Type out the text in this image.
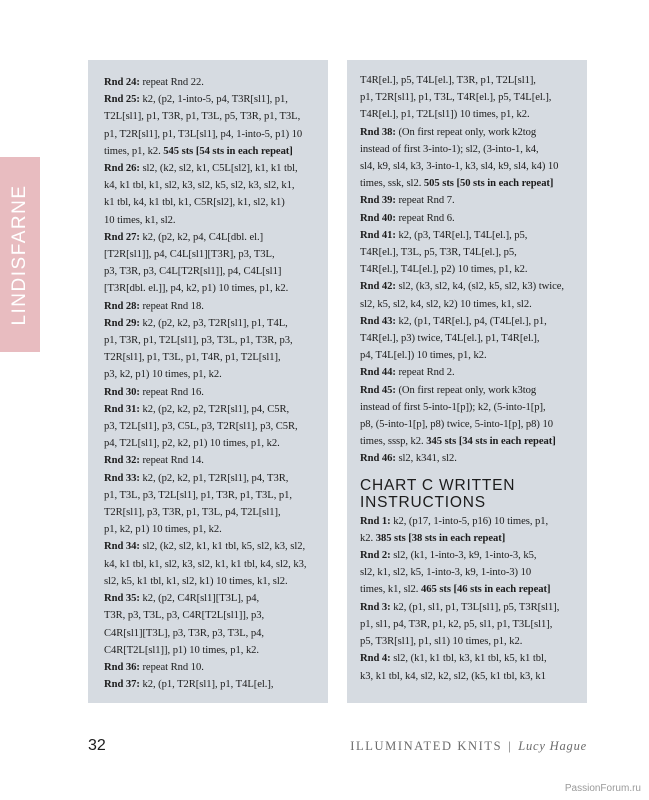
LINDISFARNE
Rnd 24: repeat Rnd 22.
Rnd 25: k2, (p2, 1-into-5, p4, T3R[sl1], p1,
T2L[sl1], p1, T3R, p1, T3L, p5, T3R, p1, T3L,
p1, T2R[sl1], p1, T3L[sl1], p4, 1-into-5, p1) 10
times, p1, k2. 545 sts [54 sts in each repeat]
Rnd 26: sl2, (k2, sl2, k1, C5L[sl2], k1, k1 tbl,
k4, k1 tbl, k1, sl2, k3, sl2, k5, sl2, k3, sl2, k1,
k1 tbl, k4, k1 tbl, k1, C5R[sl2], k1, sl2, k1)
10 times, k1, sl2.
Rnd 27: k2, (p2, k2, p4, C4L[dbl. el.]
[T2R[sl1]], p4, C4L[sl1][T3R], p3, T3L,
p3, T3R, p3, C4L[T2R[sl1]], p4, C4L[sl1]
[T3R[dbl. el.]], p4, k2, p1) 10 times, p1, k2.
Rnd 28: repeat Rnd 18.
Rnd 29: k2, (p2, k2, p3, T2R[sl1], p1, T4L,
p1, T3R, p1, T2L[sl1], p3, T3L, p1, T3R, p3,
T2R[sl1], p1, T3L, p1, T4R, p1, T2L[sl1],
p3, k2, p1) 10 times, p1, k2.
Rnd 30: repeat Rnd 16.
Rnd 31: k2, (p2, k2, p2, T2R[sl1], p4, C5R,
p3, T2L[sl1], p3, C5L, p3, T2R[sl1], p3, C5R,
p4, T2L[sl1], p2, k2, p1) 10 times, p1, k2.
Rnd 32: repeat Rnd 14.
Rnd 33: k2, (p2, k2, p1, T2R[sl1], p4, T3R,
p1, T3L, p3, T2L[sl1], p1, T3R, p1, T3L, p1,
T2R[sl1], p3, T3R, p1, T3L, p4, T2L[sl1],
p1, k2, p1) 10 times, p1, k2.
Rnd 34: sl2, (k2, sl2, k1, k1 tbl, k5, sl2, k3, sl2,
k4, k1 tbl, k1, sl2, k3, sl2, k1, k1 tbl, k4, sl2, k3,
sl2, k5, k1 tbl, k1, sl2, k1) 10 times, k1, sl2.
Rnd 35: k2, (p2, C4R[sl1][T3L], p4,
T3R, p3, T3L, p3, C4R[T2L[sl1]], p3,
C4R[sl1][T3L], p3, T3R, p3, T3L, p4,
C4R[T2L[sl1]], p1) 10 times, p1, k2.
Rnd 36: repeat Rnd 10.
Rnd 37: k2, (p1, T2R[sl1], p1, T4L[el.],
T4R[el.], p5, T4L[el.], T3R, p1, T2L[sl1],
p1, T2R[sl1], p1, T3L, T4R[el.], p5, T4L[el.],
T4R[el.], p1, T2L[sl1]) 10 times, p1, k2.
Rnd 38: (On first repeat only, work k2tog
instead of first 3-into-1); sl2, (3-into-1, k4,
sl4, k9, sl4, k3, 3-into-1, k3, sl4, k9, sl4, k4) 10
times, ssk, sl2. 505 sts [50 sts in each repeat]
Rnd 39: repeat Rnd 7.
Rnd 40: repeat Rnd 6.
Rnd 41: k2, (p3, T4R[el.], T4L[el.], p5,
T4R[el.], T3L, p5, T3R, T4L[el.], p5,
T4R[el.], T4L[el.], p2) 10 times, p1, k2.
Rnd 42: sl2, (k3, sl2, k4, (sl2, k5, sl2, k3) twice,
sl2, k5, sl2, k4, sl2, k2) 10 times, k1, sl2.
Rnd 43: k2, (p1, T4R[el.], p4, (T4L[el.], p1,
T4R[el.], p3) twice, T4L[el.], p1, T4R[el.],
p4, T4L[el.]) 10 times, p1, k2.
Rnd 44: repeat Rnd 2.
Rnd 45: (On first repeat only, work k3tog
instead of first 5-into-1[p]); k2, (5-into-1[p],
p8, (5-into-1[p], p8) twice, 5-into-1[p], p8) 10
times, sssp, k2. 345 sts [34 sts in each repeat]
Rnd 46: sl2, k341, sl2.
CHART C WRITTEN
INSTRUCTIONS
Rnd 1: k2, (p17, 1-into-5, p16) 10 times, p1,
k2. 385 sts [38 sts in each repeat]
Rnd 2: sl2, (k1, 1-into-3, k9, 1-into-3, k5,
sl2, k1, sl2, k5, 1-into-3, k9, 1-into-3) 10
times, k1, sl2. 465 sts [46 sts in each repeat]
Rnd 3: k2, (p1, sl1, p1, T3L[sl1], p5, T3R[sl1],
p1, sl1, p4, T3R, p1, k2, p5, sl1, p1, T3L[sl1],
p5, T3R[sl1], p1, sl1) 10 times, p1, k2.
Rnd 4: sl2, (k1, k1 tbl, k3, k1 tbl, k5, k1 tbl,
k3, k1 tbl, k4, sl2, k2, sl2, (k5, k1 tbl, k3, k1
32	ILLUMINATED KNITS | Lucy Hague
PassionForum.ru
